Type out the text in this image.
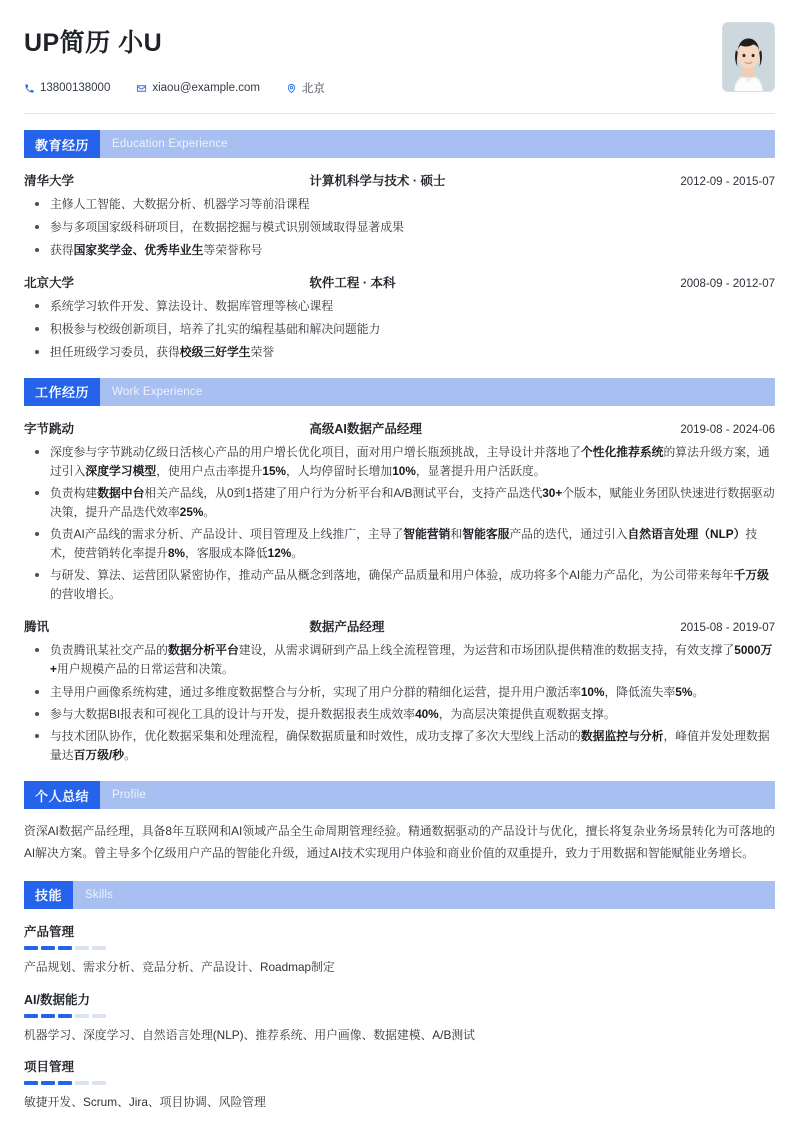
UP简历 小U
13800138000	xiaou@example.com	北京
教育经历	Education Experience
清华大学	计算机科学与技术 · 硕士	2012-09 - 2015-07
主修人工智能、大数据分析、机器学习等前沿课程
参与多项国家级科研项目，在数据挖掘与模式识别领域取得显著成果
获得国家奖学金、优秀毕业生等荣誉称号
北京大学	软件工程 · 本科	2008-09 - 2012-07
系统学习软件开发、算法设计、数据库管理等核心课程
积极参与校级创新项目，培养了扎实的编程基础和解决问题能力
担任班级学习委员，获得校级三好学生荣誉
工作经历	Work Experience
字节跳动	高级AI数据产品经理	2019-08 - 2024-06
深度参与字节跳动亿级日活核心产品的用户增长优化项目，面对用户增长瓶颈挑战，主导设计并落地了个性化推荐系统的算法升级方案，通过引入深度学习模型，使用户点击率提升15%，人均停留时长增加10%，显著提升用户活跃度。
负责构建数据中台相关产品线，从0到1搭建了用户行为分析平台和A/B测试平台，支持产品迭代30+个版本，赋能业务团队快速进行数据驱动决策，提升产品迭代效率25%。
负责AI产品线的需求分析、产品设计、项目管理及上线推广，主导了智能营销和智能客服产品的迭代，通过引入自然语言处理（NLP）技术，使营销转化率提升8%，客服成本降低12%。
与研发、算法、运营团队紧密协作，推动产品从概念到落地，确保产品质量和用户体验，成功将多个AI能力产品化，为公司带来每年千万级的营收增长。
腾讯	数据产品经理	2015-08 - 2019-07
负责腾讯某社交产品的数据分析平台建设，从需求调研到产品上线全流程管理，为运营和市场团队提供精准的数据支持，有效支撑了5000万+用户规模产品的日常运营和决策。
主导用户画像系统构建，通过多维度数据整合与分析，实现了用户分群的精细化运营，提升用户激活率10%，降低流失率5%。
参与大数据BI报表和可视化工具的设计与开发，提升数据报表生成效率40%，为高层决策提供直观数据支撑。
与技术团队协作，优化数据采集和处理流程，确保数据质量和时效性，成功支撑了多次大型线上活动的数据监控与分析，峰值并发处理数据量达百万级/秒。
个人总结	Profile
资深AI数据产品经理，具备8年互联网和AI领域产品全生命周期管理经验。精通数据驱动的产品设计与优化，擅长将复杂业务场景转化为可落地的AI解决方案。曾主导多个亿级用户产品的智能化升级，通过AI技术实现用户体验和商业价值的双重提升，致力于用数据和智能赋能业务增长。
技能	Skills
产品管理
产品规划、需求分析、竞品分析、产品设计、Roadmap制定
AI/数据能力
机器学习、深度学习、自然语言处理(NLP)、推荐系统、用户画像、数据建模、A/B测试
项目管理
敏捷开发、Scrum、Jira、项目协调、风险管理
